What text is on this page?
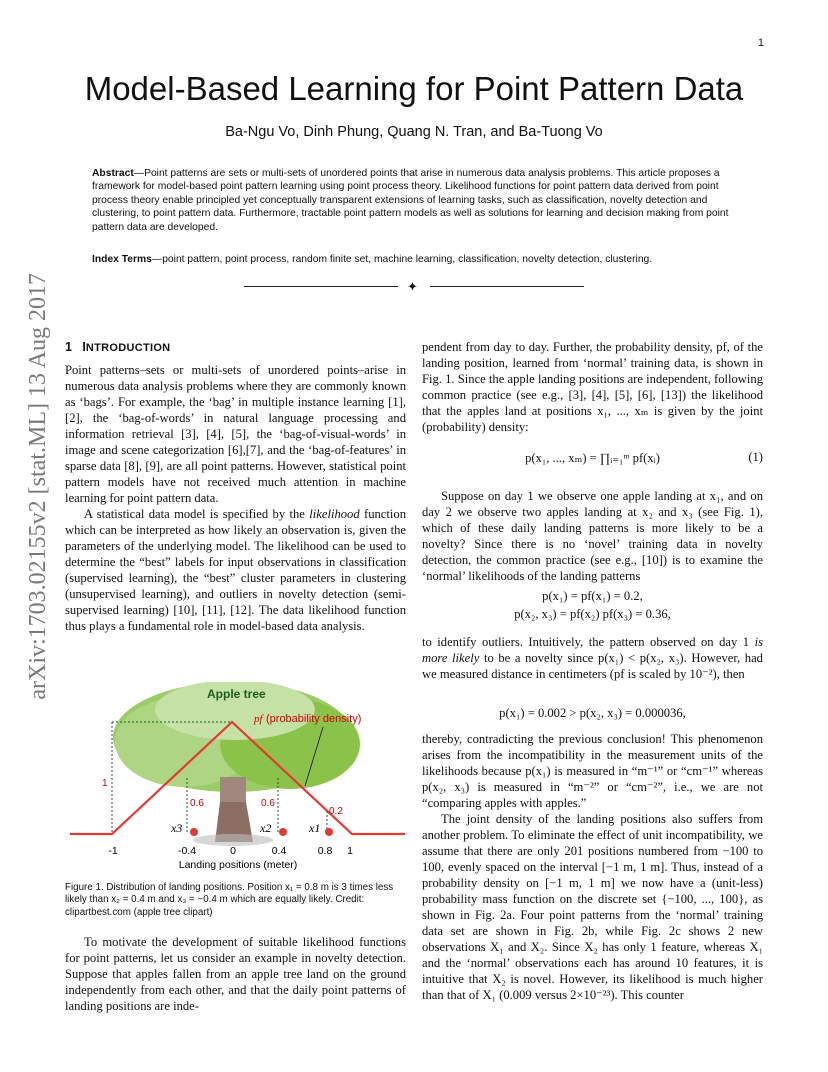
1
arXiv:1703.02155v2 [stat.ML] 13 Aug 2017
Model-Based Learning for Point Pattern Data
Ba-Ngu Vo, Dinh Phung, Quang N. Tran, and Ba-Tuong Vo
Abstract—Point patterns are sets or multi-sets of unordered points that arise in numerous data analysis problems. This article proposes a framework for model-based point pattern learning using point process theory. Likelihood functions for point pattern data derived from point process theory enable principled yet conceptually transparent extensions of learning tasks, such as classification, novelty detection and clustering, to point pattern data. Furthermore, tractable point pattern models as well as solutions for learning and decision making from point pattern data are developed.
Index Terms—point pattern, point process, random finite set, machine learning, classification, novelty detection, clustering.
✦
1 INTRODUCTION

Point patterns–sets or multi-sets of unordered points–arise in numerous data analysis problems where they are commonly known as ‘bags’. For example, the ‘bag’ in multiple instance learning [1], [2], the ‘bag-of-words’ in natural language processing and information retrieval [3], [4], [5], the ‘bag-of-visual-words’ in image and scene categorization [6],[7], and the ‘bag-of-features’ in sparse data [8], [9], are all point patterns. However, statistical point pattern models have not received much attention in machine learning for point pattern data.

A statistical data model is specified by the likelihood function which can be interpreted as how likely an observation is, given the parameters of the underlying model. The likelihood can be used to determine the “best” labels for input observations in classification (supervised learning), the “best” cluster parameters in clustering (unsupervised learning), and outliers in novelty detection (semi-supervised learning) [10], [11], [12]. The data likelihood function thus plays a fundamental role in model-based data analysis.

Apple tree
pf (probability density)
1
0.6	0.6
0.2
x3	x2	x1
-1	-0.4	0	0.4	0.8 1
Landing positions (meter)
Figure 1. Distribution of landing positions. Position x₁ = 0.8 m is 3 times less likely than x₂ = 0.4 m and x₃ = −0.4 m which are equally likely. Credit: clipartbest.com (apple tree clipart)

To motivate the development of suitable likelihood functions for point patterns, let us consider an example in novelty detection. Suppose that apples fallen from an apple tree land on the ground independently from each other, and that the daily point patterns of landing positions are inde-

pendent from day to day. Further, the probability density, pf, of the landing position, learned from ‘normal’ training data, is shown in Fig. 1. Since the apple landing positions are independent, following common practice (see e.g., [3], [4], [5], [6], [13]) the likelihood that the apples land at positions x₁, ..., xₘ is given by the joint (probability) density:

p(x₁, ..., xₘ) = ∏ᵢ₌₁ᵐ pf(xᵢ)	(1)

Suppose on day 1 we observe one apple landing at x₁, and on day 2 we observe two apples landing at x₂ and x₃ (see Fig. 1), which of these daily landing patterns is more likely to be a novelty? Since there is no ‘novel’ training data in novelty detection, the common practice (see e.g., [10]) is to examine the ‘normal’ likelihoods of the landing patterns

p(x₁) = pf(x₁) = 0.2,
p(x₂, x₃) = pf(x₂) pf(x₃) = 0.36,

to identify outliers. Intuitively, the pattern observed on day 1 is more likely to be a novelty since p(x₁) < p(x₂, x₃). However, had we measured distance in centimeters (pf is scaled by 10⁻²), then

p(x₁) = 0.002 > p(x₂, x₃) = 0.000036,

thereby, contradicting the previous conclusion! This phenomenon arises from the incompatibility in the measurement units of the likelihoods because p(x₁) is measured in “m⁻¹” or “cm⁻¹” whereas p(x₂, x₃) is measured in “m⁻²” or “cm⁻²”, i.e., we are not “comparing apples with apples.”

The joint density of the landing positions also suffers from another problem. To eliminate the effect of unit incompatibility, we assume that there are only 201 positions numbered from −100 to 100, evenly spaced on the interval [−1 m, 1 m]. Thus, instead of a probability density on [−1 m, 1 m] we now have a (unit-less) probability mass function on the discrete set {−100, ..., 100}, as shown in Fig. 2a. Four point patterns from the ‘normal’ training data set are shown in Fig. 2b, while Fig. 2c shows 2 new observations X₁ and X₂. Since X₂ has only 1 feature, whereas X₁ and the ‘normal’ observations each has around 10 features, it is intuitive that X₂ is novel. However, its likelihood is much higher than that of X₁ (0.009 versus 2×10⁻²³). This counter
